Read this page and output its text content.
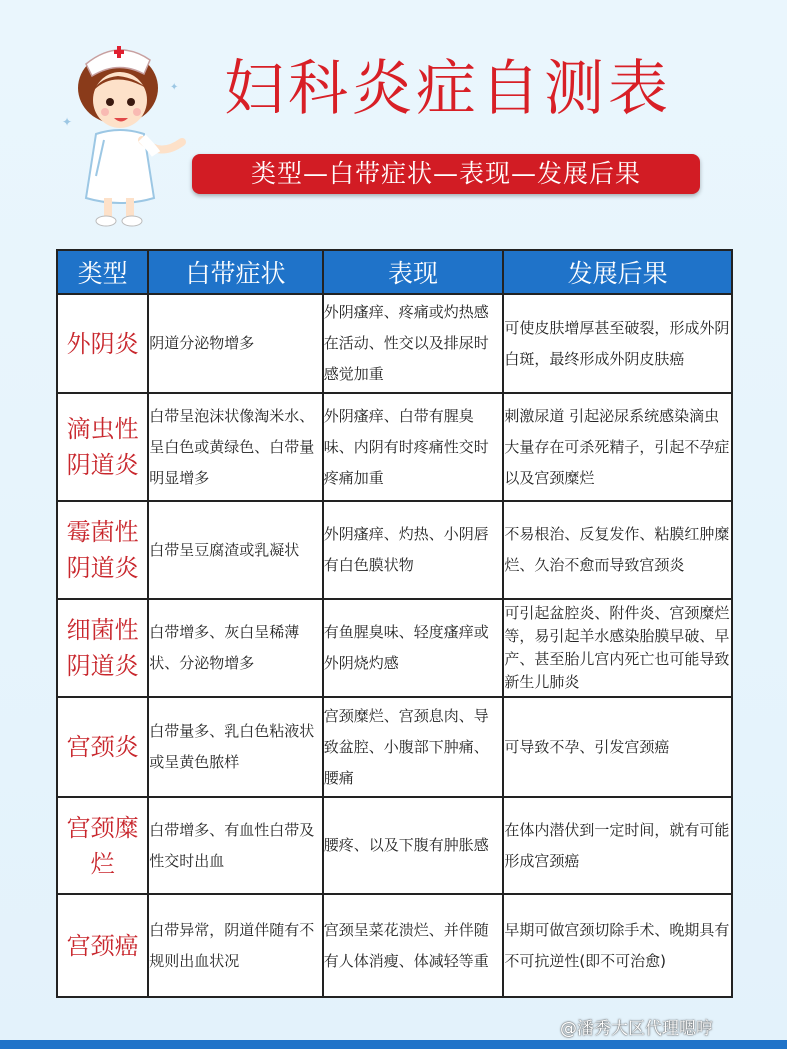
✦
✦ 妇科炎症自测表
类型—白带症状—表现—发展后果
类型	白带症状	表现	发展后果
外阴炎	阴道分泌物增多	外阴瘙痒、疼痛或灼热感在活动、性交以及排尿时感觉加重	可使皮肤增厚甚至破裂，形成外阴白斑，最终形成外阴皮肤癌
滴虫性阴道炎	白带呈泡沫状像淘米水、呈白色或黄绿色、白带量明显增多	外阴瘙痒、白带有腥臭味、内阴有时疼痛性交时疼痛加重	刺激尿道 引起泌尿系统感染滴虫大量存在可杀死精子，引起不孕症以及宫颈糜烂
霉菌性阴道炎	白带呈豆腐渣或乳凝状	外阴瘙痒、灼热、小阴唇有白色膜状物	不易根治、反复发作、粘膜红肿糜烂、久治不愈而导致宫颈炎
细菌性阴道炎	白带增多、灰白呈稀薄状、分泌物增多	有鱼腥臭味、轻度瘙痒或外阴烧灼感	可引起盆腔炎、附件炎、宫颈糜烂等，易引起羊水感染胎膜早破、早产、甚至胎儿宫内死亡也可能导致新生儿肺炎
宫颈炎	白带量多、乳白色粘液状或呈黄色脓样	宫颈糜烂、宫颈息肉、导致盆腔、小腹部下肿痛、腰痛	可导致不孕、引发宫颈癌
宫颈糜烂	白带增多、有血性白带及性交时出血	腰疼、以及下腹有肿胀感	在体内潜伏到一定时间，就有可能形成宫颈癌
宫颈癌	白带异常，阴道伴随有不规则出血状况	宫颈呈菜花溃烂、并伴随有人体消瘦、体减轻等重	早期可做宫颈切除手术、晚期具有不可抗逆性(即不可治愈)
@潘秀大区代理嗯哼
